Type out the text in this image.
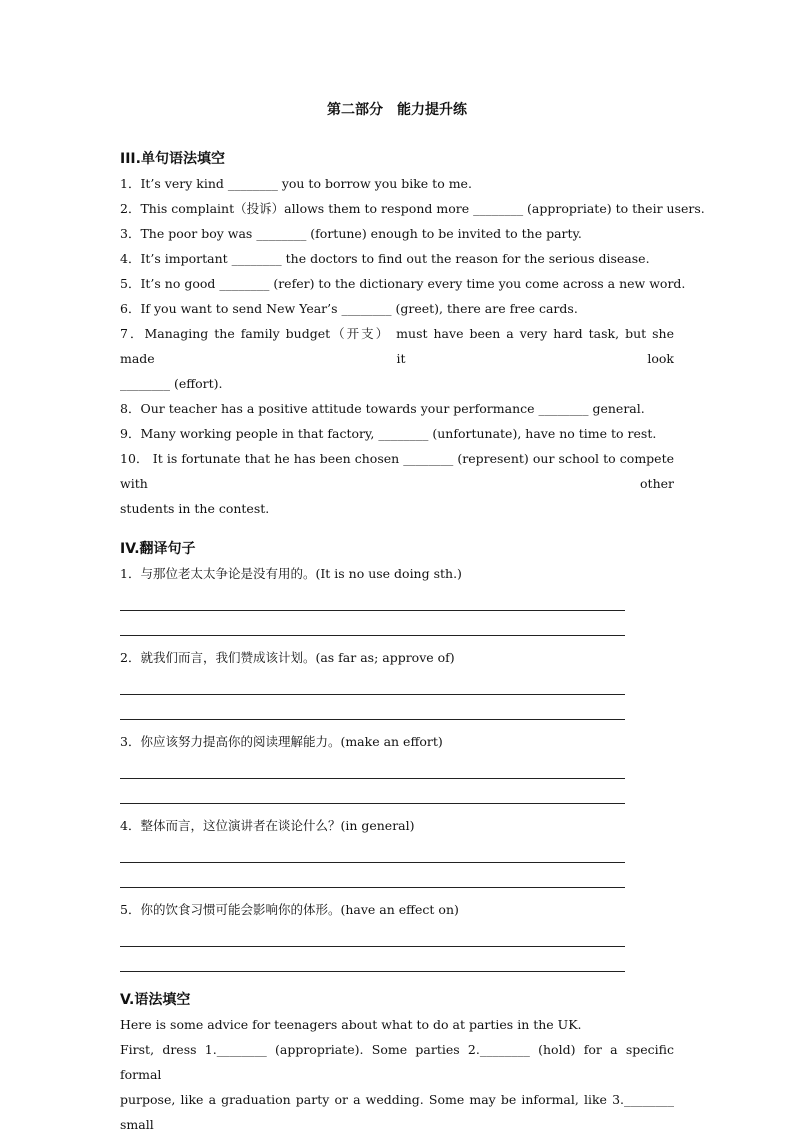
第二部分　能力提升练
III.单句语法填空
1．It’s very kind ________ you to borrow you bike to me.
2．This complaint（投诉）allows them to respond more ________ (appropriate) to their users.
3．The poor boy was ________ (fortune) enough to be invited to the party.
4．It’s important ________ the doctors to find out the reason for the serious disease.
5．It’s no good ________ (refer) to the dictionary every time you come across a new word.
6．If you want to send New Year’s ________ (greet), there are free cards.
7．Managing the family budget（开支） must have been a very hard task, but she made it look
________ (effort).
8．Our teacher has a positive attitude towards your performance ________ general.
9．Many working people in that factory, ________ (unfortunate), have no time to rest.
10． It is fortunate that he has been chosen ________ (represent) our school to compete with other
students in the contest.
IV.翻译句子
1．与那位老太太争论是没有用的。(It is no use doing sth.)
2．就我们而言，我们赞成该计划。(as far as; approve of)
3．你应该努力提高你的阅读理解能力。(make an effort)
4．整体而言，这位演讲者在谈论什么？(in general)
5．你的饮食习惯可能会影响你的体形。(have an effect on)
V.语法填空
Here is some advice for teenagers about what to do at parties in the UK.
First, dress 1.________ (appropriate). Some parties 2.________ (hold) for a specific formal
purpose, like a graduation party or a wedding. Some may be informal, like 3.________ small
